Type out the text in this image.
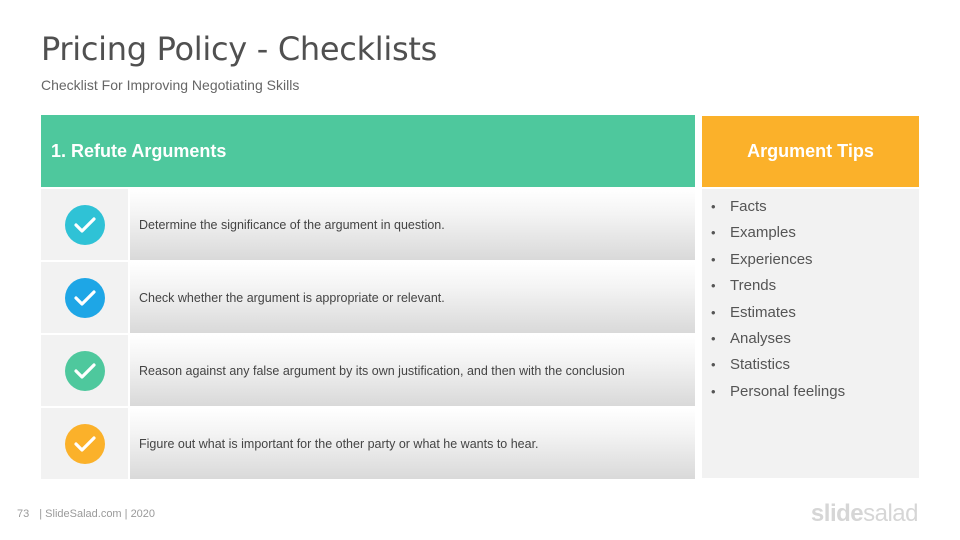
Pricing Policy - Checklists
Checklist For Improving Negotiating Skills
1. Refute Arguments
Determine the significance of the argument in question.
Check whether the argument is appropriate or relevant.
Reason against any false argument by its own justification, and then with the conclusion
Figure out what is important for the other party or what he wants to hear.
Argument Tips
• Facts
• Examples
• Experiences
• Trends
• Estimates
• Analyses
• Statistics
• Personal feelings
73 | SlideSalad.com | 2020	slidesalad
